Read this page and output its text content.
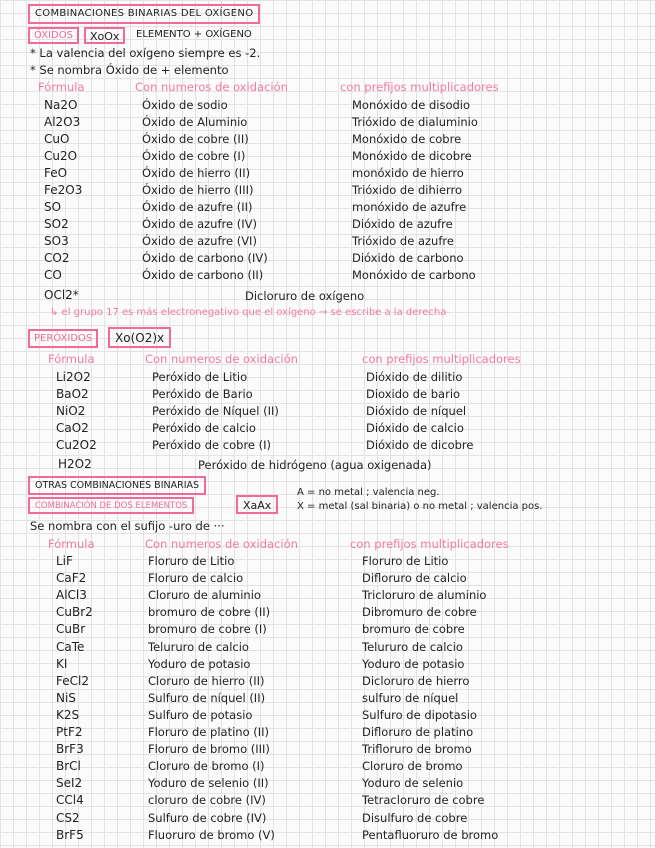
COMBINACIONES BINARIAS DEL OXÍGENO
ÓXIDOS	XoOx	ELEMENTO + OXÍGENO
* La valencia del oxígeno siempre es -2.
* Se nombra Óxido de + elemento
Fórmula	Con numeros de oxidación	con prefijos multiplicadores
Na2O	Óxido de sodio	Monóxido de disodio
Al2O3	Óxido de Aluminio	Trióxido de dialuminio
CuO	Óxido de cobre (II)	Monóxido de cobre
Cu2O	Óxido de cobre (I)	Monóxido de dicobre
FeO	Óxido de hierro (II)	monóxido de hierro
Fe2O3	Óxido de hierro (III)	Trióxido de dihierro
SO	Óxido de azufre (II)	monóxido de azufre
SO2	Óxido de azufre (IV)	Dióxido de azufre
SO3	Óxido de azufre (VI)	Trióxido de azufre
CO2	Óxido de carbono (IV)	Dióxido de carbono
CO	Óxido de carbono (II)	Monóxido de carbono
OCl2*	Dicloruro de oxígeno
↳ el grupo 17 es más electronegativo que el oxígeno → se escribe a la derecha
PERÓXIDOS	Xo(O2)x
Fórmula	Con numeros de oxidación	con prefijos multiplicadores
Li2O2	Peróxido de Litio	Dióxido de dilitio
BaO2	Peróxido de Bario	Dioxido de bario
NiO2	Peróxido de Níquel (II)	Dióxido de níquel
CaO2	Peróxido de calcio	Dióxido de calcio
Cu2O2	Peróxido de cobre (I)	Dióxido de dicobre
H2O2	Peróxido de hidrógeno (agua oxigenada)
OTRAS COMBINACIONES BINARIAS
COMBINACIÓN DE DOS ELEMENTOS	XaAx
A = no metal ; valencia neg.
X = metal (sal binaria) o no metal ; valencia pos.
Se nombra con el sufijo -uro de ···
Fórmula	Con numeros de oxidación	con prefijos multiplicadores
LiF	Floruro de Litio	Floruro de Litio
CaF2	Floruro de calcio	Difloruro de calcio
AlCl3	Cloruro de aluminio	Tricloruro de aluminio
CuBr2	bromuro de cobre (II)	Dibromuro de cobre
CuBr	bromuro de cobre (I)	bromuro de cobre
CaTe	Telururo de calcio	Telururo de calcio
KI	Yoduro de potasio	Yoduro de potasio
FeCl2	Cloruro de hierro (II)	Dicloruro de hierro
NiS	Sulfuro de níquel (II)	sulfuro de níquel
K2S	Sulfuro de potasio	Sulfuro de dipotasio
PtF2	Floruro de platino (II)	Difloruro de platino
BrF3	Floruro de bromo (III)	Trifloruro de bromo
BrCl	Cloruro de bromo (I)	Cloruro de bromo
SeI2	Yoduro de selenio (II)	Yoduro de selenio
CCl4	cloruro de cobre (IV)	Tetracloruro de cobre
CS2	Sulfuro de cobre (IV)	Disulfuro de cobre
BrF5	Fluoruro de bromo (V)	Pentafluoruro de bromo
